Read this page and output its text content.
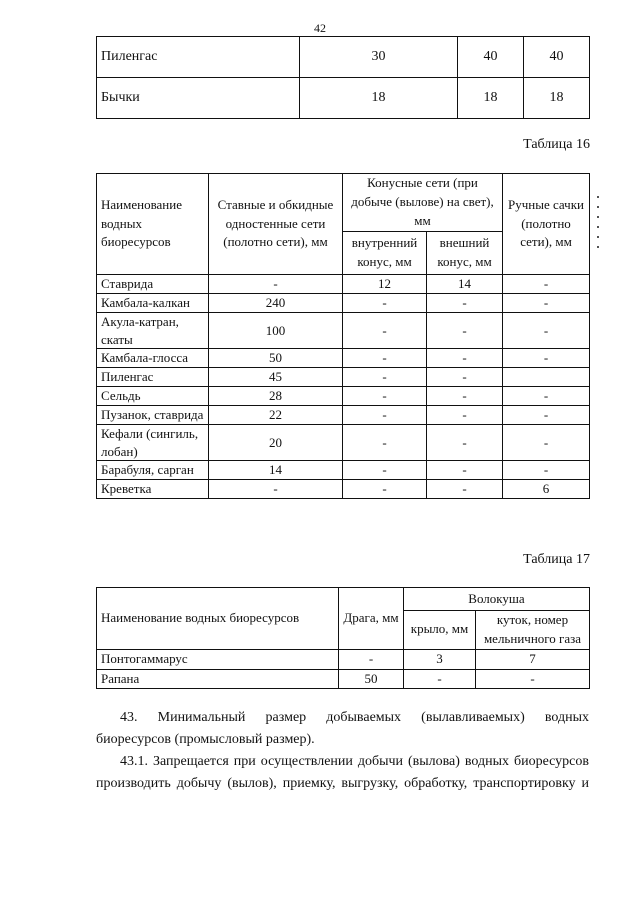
42
Пиленгас	30	40	40
Бычки	18	18	18
Таблица 16
Наименование водных биоресурсов	Ставные и обкидные одностенные сети (полотно сети), мм	Конусные сети (при добыче (вылове) на свет), мм		Ручные сачки (полотно сети), мм
		внутренний конус, мм	внешний конус, мм	
Ставрида	-	12	14	-
Камбала-калкан	240	-	-	-
Акула-катран, скаты	100	-	-	-
Камбала-глосса	50	-	-	-
Пиленгас	45	-	-	
Сельдь	28	-	-	-
Пузанок, ставрида	22	-	-	-
Кефали (сингиль, лобан)	20	-	-	-
Барабуля, сарган	14	-	-	-
Креветка	-	-	-	6
Таблица 17
Наименование водных биоресурсов	Драга, мм	Волокуша	
		крыло, мм	куток, номер мельничного газа
Понтогаммарус	-	3	7
Рапана	50	-	-

43. Минимальный размер добываемых (вылавливаемых) водных

биоресурсов (промысловый размер).

43.1. Запрещается при осуществлении добычи (вылова) водных биоресурсов

производить добычу (вылов), приемку, выгрузку, обработку, транспортировку и
